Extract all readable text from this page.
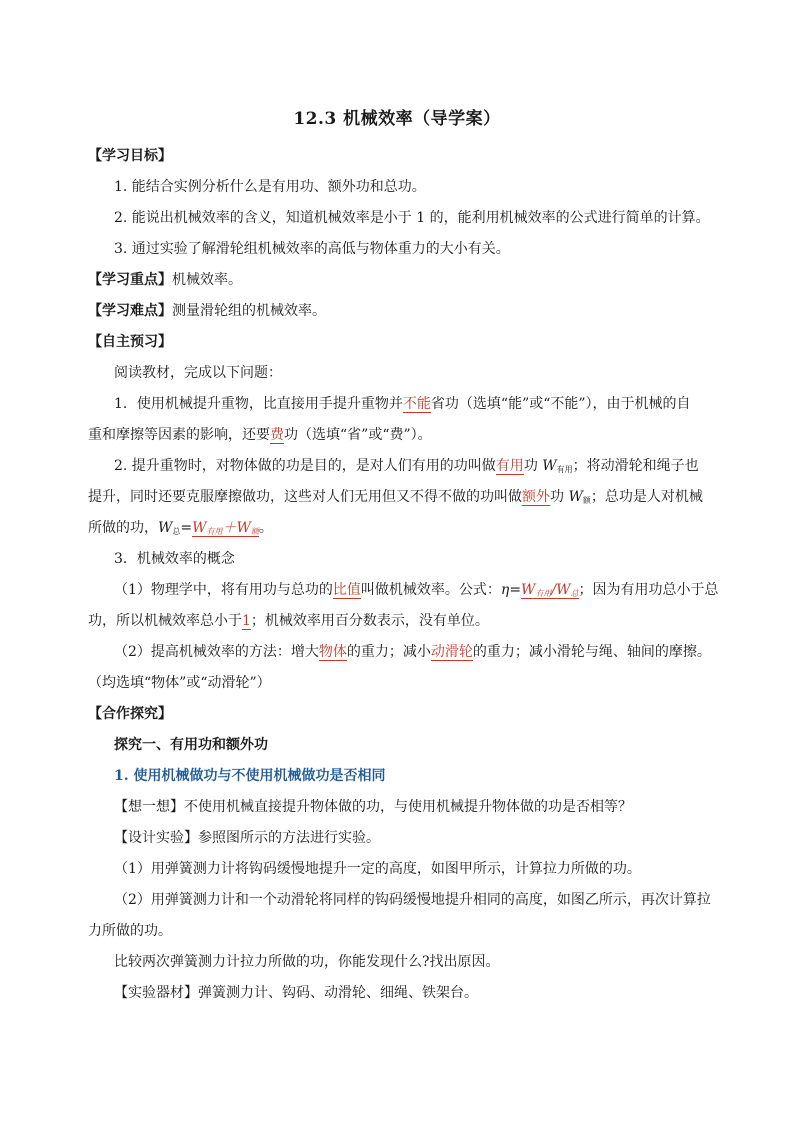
12.3 机械效率（导学案）
【学习目标】
1. 能结合实例分析什么是有用功、额外功和总功。
2. 能说出机械效率的含义，知道机械效率是小于 1 的，能利用机械效率的公式进行简单的计算。
3. 通过实验了解滑轮组机械效率的高低与物体重力的大小有关。
【学习重点】机械效率。
【学习难点】测量滑轮组的机械效率。
【自主预习】
阅读教材，完成以下问题：
1．使用机械提升重物，比直接用手提升重物并不能省功（选填“能”或“不能”），由于机械的自
重和摩擦等因素的影响，还要费功（选填“省”或“费”）。
2. 提升重物时，对物体做的功是目的，是对人们有用的功叫做有用功 $W_{有用}$；将动滑轮和绳子也
提升，同时还要克服摩擦做功，这些对人们无用但又不得不做的功叫做额外功 $W_额$；总功是人对机械
所做的功，$W_总=W$有用＋W额。
3．机械效率的概念
（1）物理学中，将有用功与总功的比值叫做机械效率。公式：η=W有用/W总；因为有用功总小于总
功，所以机械效率总小于1；机械效率用百分数表示，没有单位。
（2）提高机械效率的方法：增大物体的重力；减小动滑轮的重力；减小滑轮与绳、轴间的摩擦。
（均选填“物体”或“动滑轮”）
【合作探究】
探究一、有用功和额外功
1. 使用机械做功与不使用机械做功是否相同
【想一想】不使用机械直接提升物体做的功，与使用机械提升物体做的功是否相等？
【设计实验】参照图所示的方法进行实验。
（1）用弹簧测力计将钩码缓慢地提升一定的高度，如图甲所示，计算拉力所做的功。
（2）用弹簧测力计和一个动滑轮将同样的钩码缓慢地提升相同的高度，如图乙所示，再次计算拉
力所做的功。
比较两次弹簧测力计拉力所做的功，你能发现什么?找出原因。
【实验器材】弹簧测力计、钩码、动滑轮、细绳、铁架台。
